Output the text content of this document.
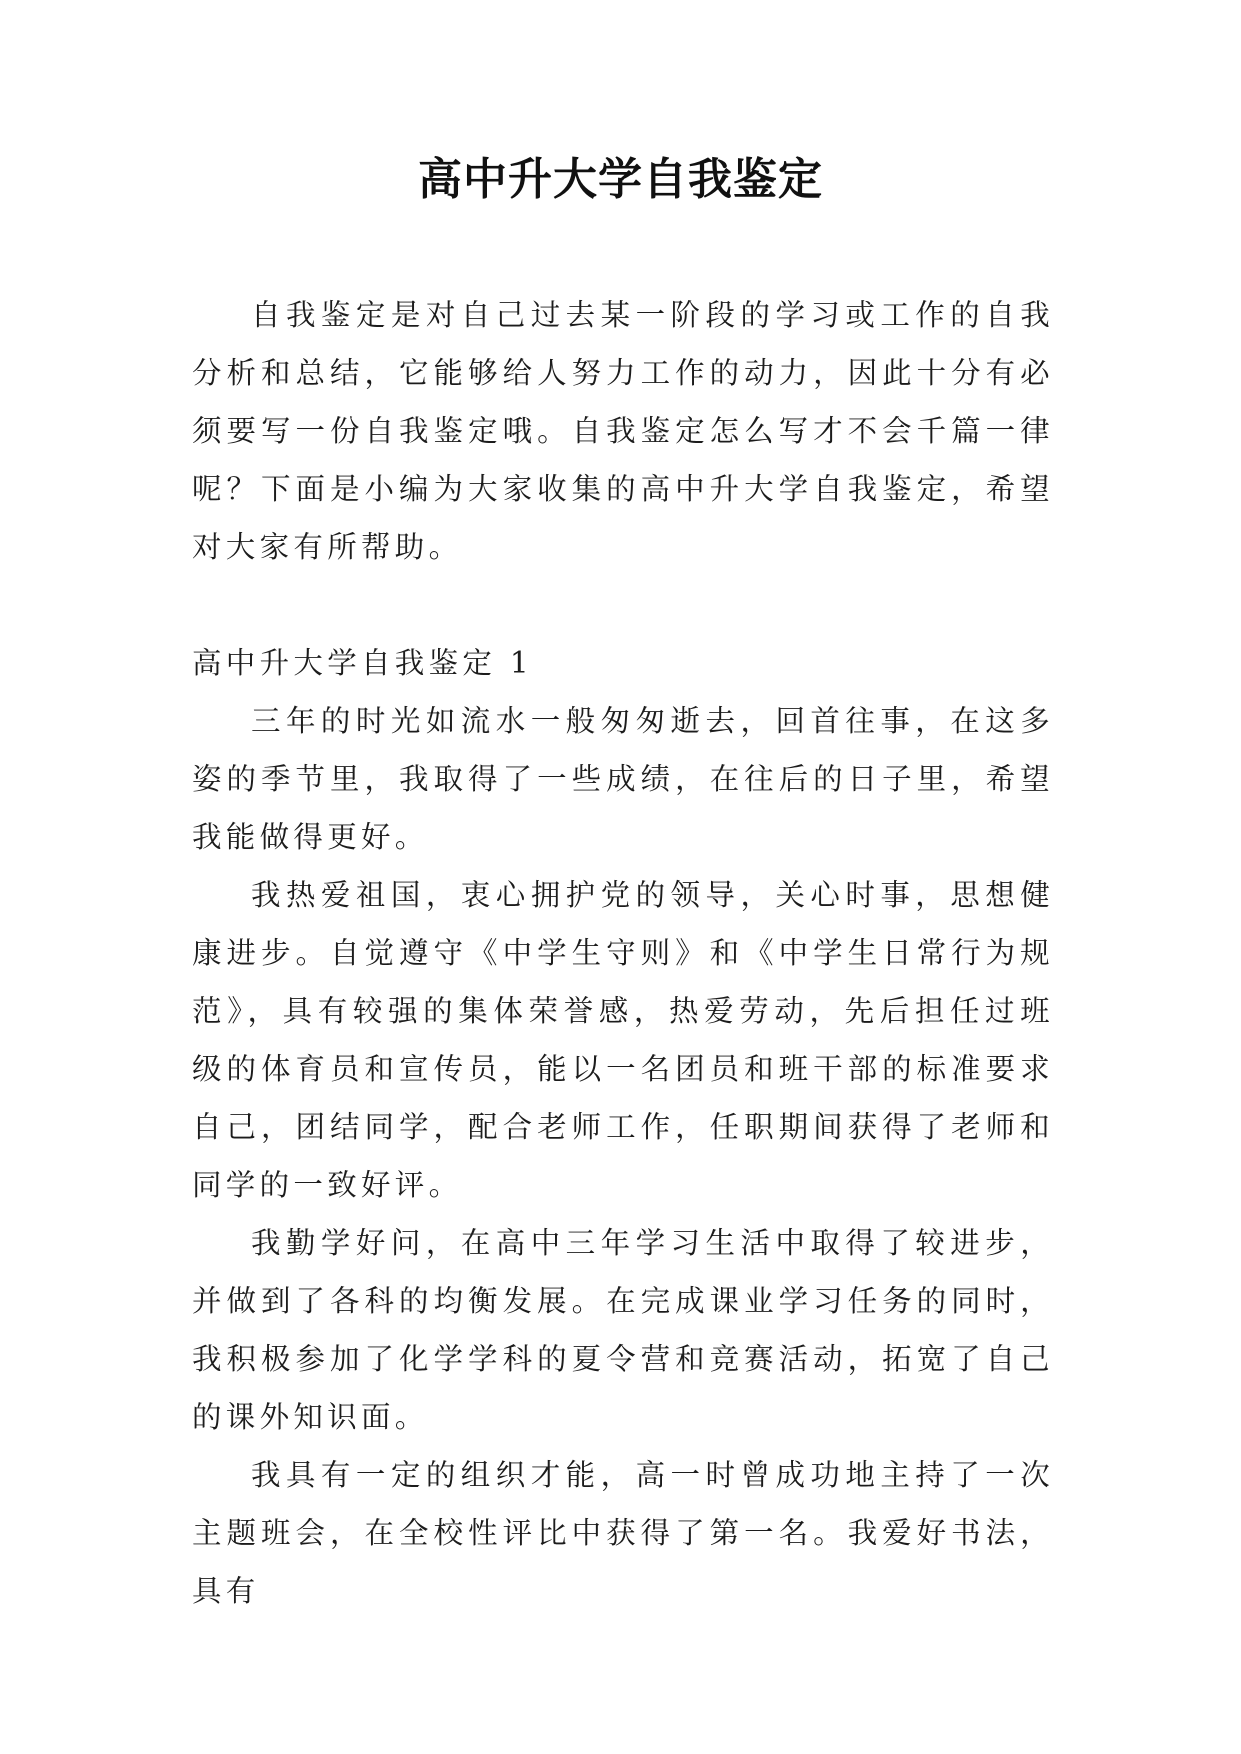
高中升大学自我鉴定

自我鉴定是对自己过去某一阶段的学习或工作的自我分析和总结，它能够给人努力工作的动力，因此十分有必须要写一份自我鉴定哦。自我鉴定怎么写才不会千篇一律呢？下面是小编为大家收集的高中升大学自我鉴定，希望对大家有所帮助。

高中升大学自我鉴定 1

三年的时光如流水一般匆匆逝去，回首往事，在这多姿的季节里，我取得了一些成绩，在往后的日子里，希望我能做得更好。

我热爱祖国，衷心拥护党的领导，关心时事，思想健康进步。自觉遵守《中学生守则》和《中学生日常行为规范》，具有较强的集体荣誉感，热爱劳动，先后担任过班级的体育员和宣传员，能以一名团员和班干部的标准要求自己，团结同学，配合老师工作，任职期间获得了老师和同学的一致好评。

我勤学好问，在高中三年学习生活中取得了较进步，并做到了各科的均衡发展。在完成课业学习任务的同时，我积极参加了化学学科的夏令营和竞赛活动，拓宽了自己的课外知识面。

我具有一定的组织才能，高一时曾成功地主持了一次主题班会，在全校性评比中获得了第一名。我爱好书法，具有
